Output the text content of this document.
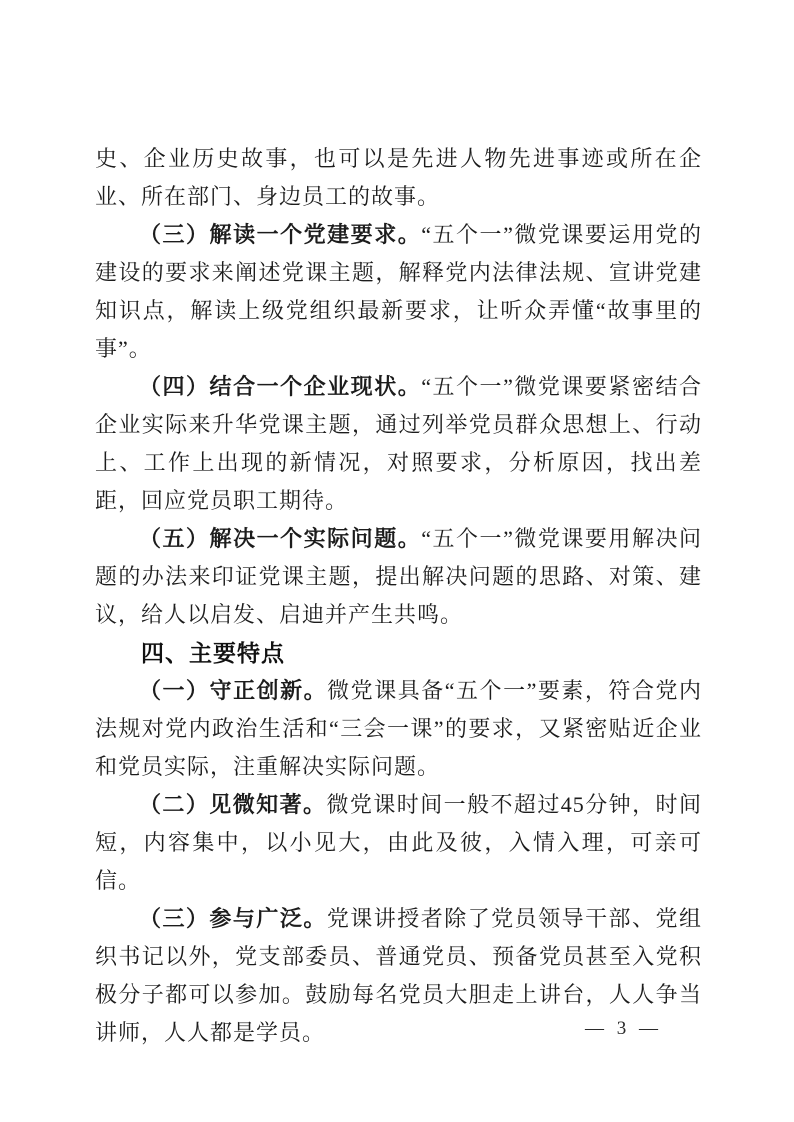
史、企业历史故事，也可以是先进人物先进事迹或所在企业、所在部门、身边员工的故事。

（三）解读一个党建要求。“五个一”微党课要运用党的建设的要求来阐述党课主题，解释党内法律法规、宣讲党建知识点，解读上级党组织最新要求，让听众弄懂“故事里的事”。

（四）结合一个企业现状。“五个一”微党课要紧密结合企业实际来升华党课主题，通过列举党员群众思想上、行动上、工作上出现的新情况，对照要求，分析原因，找出差距，回应党员职工期待。

（五）解决一个实际问题。“五个一”微党课要用解决问题的办法来印证党课主题，提出解决问题的思路、对策、建议，给人以启发、启迪并产生共鸣。

四、主要特点

（一）守正创新。微党课具备“五个一”要素，符合党内法规对党内政治生活和“三会一课”的要求，又紧密贴近企业和党员实际，注重解决实际问题。

（二）见微知著。微党课时间一般不超过45分钟，时间短，内容集中，以小见大，由此及彼，入情入理，可亲可信。

（三）参与广泛。党课讲授者除了党员领导干部、党组织书记以外，党支部委员、普通党员、预备党员甚至入党积极分子都可以参加。鼓励每名党员大胆走上讲台，人人争当讲师，人人都是学员。	— 3 —
